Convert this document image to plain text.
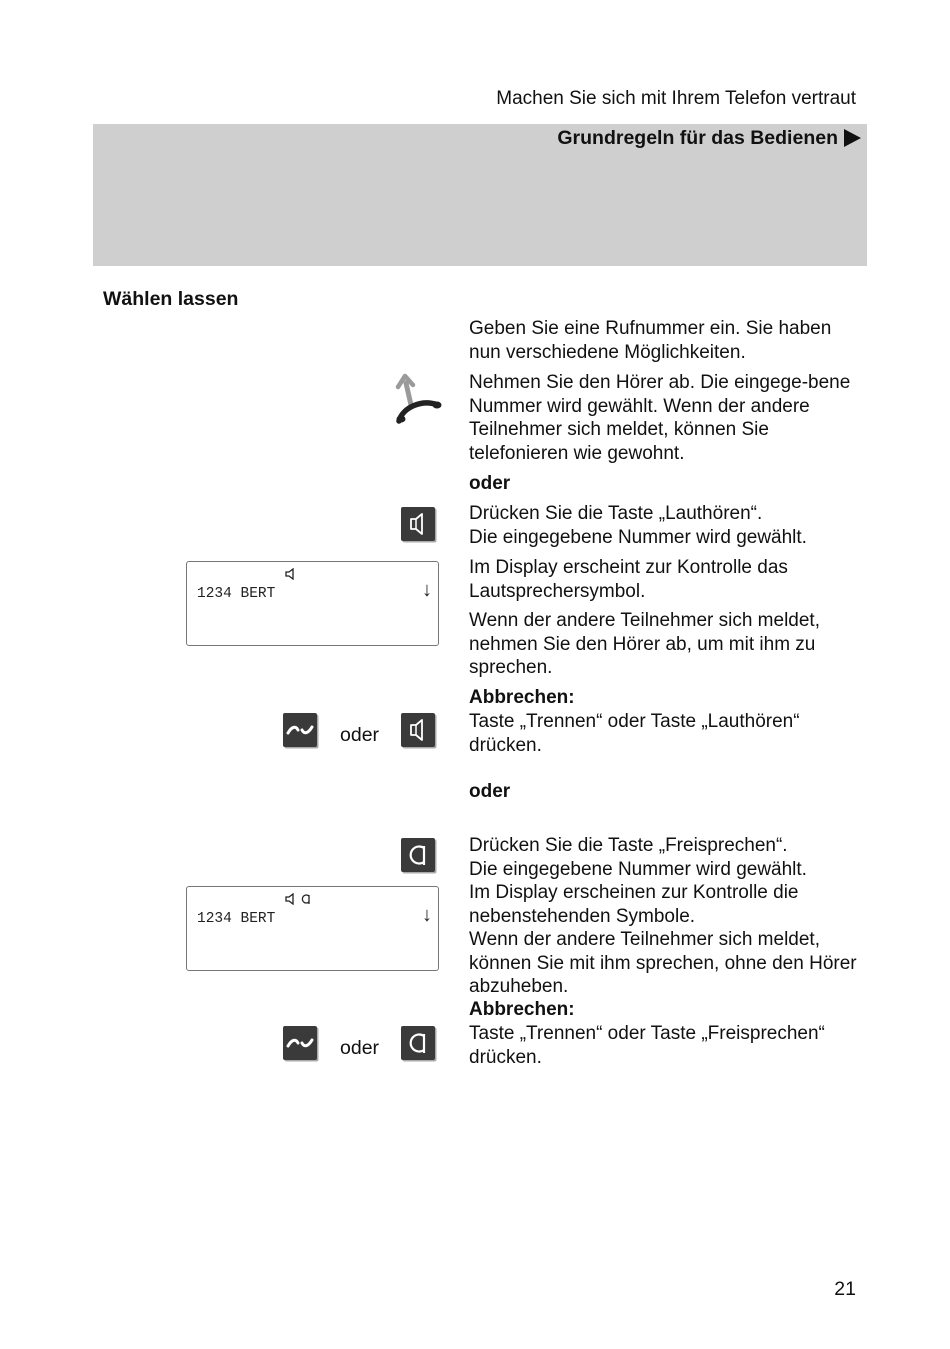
Machen Sie sich mit Ihrem Telefon vertraut
Grundregeln für das Bedienen
Wählen lassen
Geben Sie eine Rufnummer ein. Sie haben nun verschiedene Möglichkeiten.
Nehmen Sie den Hörer ab. Die eingege-bene Nummer wird gewählt. Wenn der andere Teilnehmer sich meldet, können Sie telefonieren wie gewohnt.
oder
Drücken Sie die Taste „Lauthören“.
Die eingegebene Nummer wird gewählt.
Im Display erscheint zur Kontrolle das Lautsprechersymbol.
Wenn der andere Teilnehmer sich meldet, nehmen Sie den Hörer ab, um mit ihm zu sprechen.
Abbrechen:
Taste „Trennen“ oder Taste „Lauthören“ drücken.
oder
Drücken Sie die Taste „Freisprechen“.
Die eingegebene Nummer wird gewählt.
Im Display erscheinen zur Kontrolle die nebenstehenden Symbole.
Wenn der andere Teilnehmer sich meldet, können Sie mit ihm sprechen, ohne den Hörer abzuheben.
Abbrechen:
Taste „Trennen“ oder Taste „Freisprechen“ drücken.
1234 BERT	↓
oder
1234 BERT	↓
oder
21
